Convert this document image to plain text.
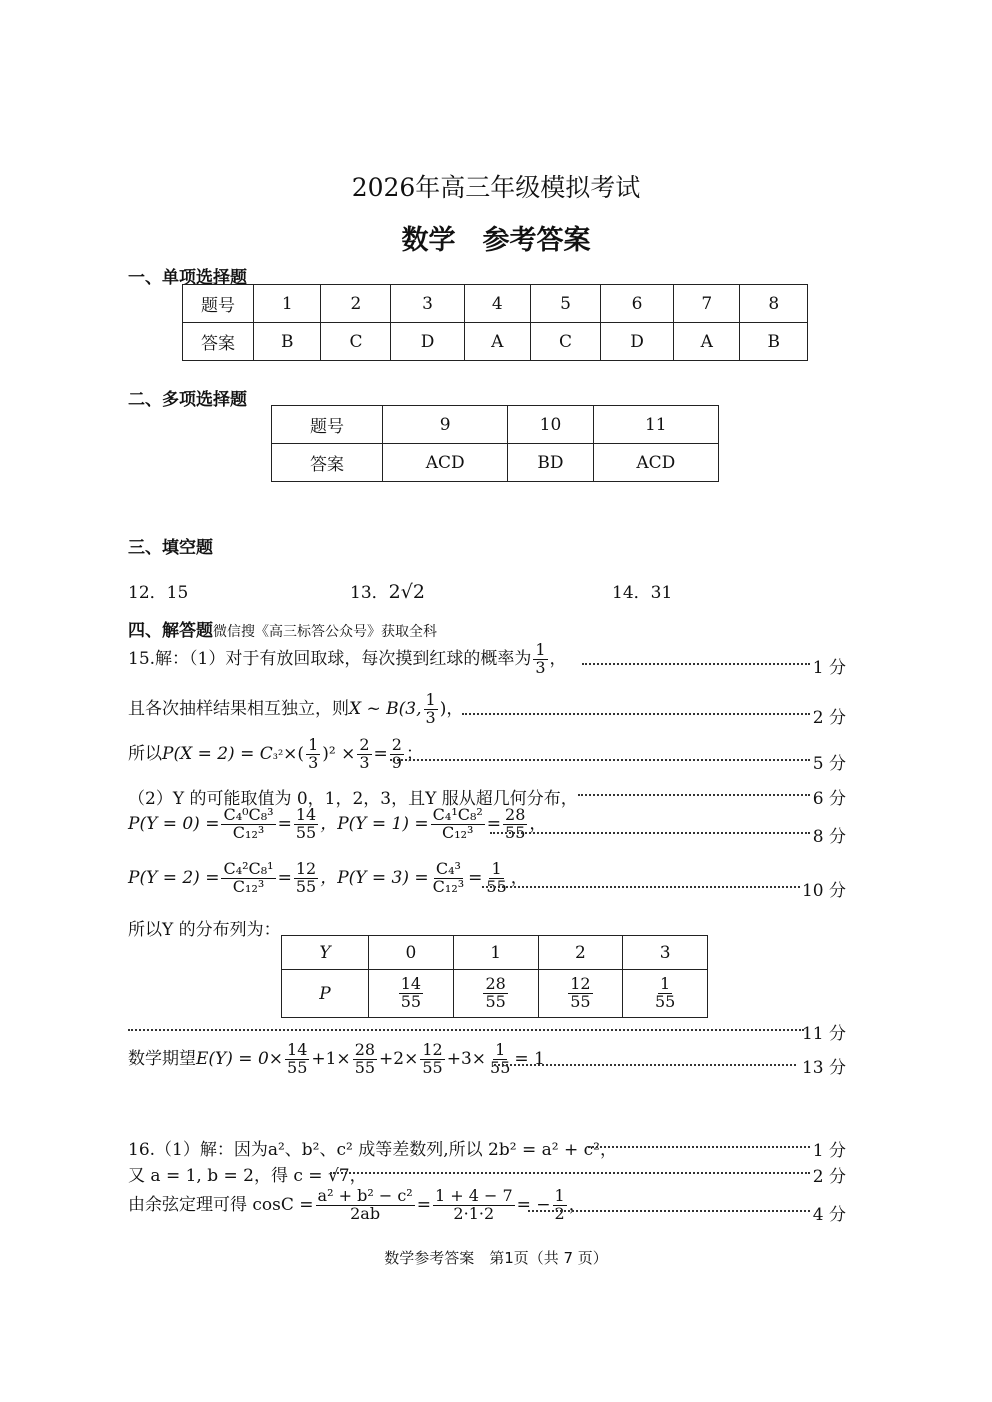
2026年高三年级模拟考试
数学　参考答案
一、单项选择题
题号	1	2	3	4	5	6	7	8
答案	B	C	D	A	C	D	A	B
二、多项选择题
题号	9	10	11
答案	ACD	BD	ACD
三、填空题
12．15	13．2√2	14．31
四、解答题微信搜《高三标答公众号》获取全科
15.解：（1）对于有放回取球，每次摸到红球的概率为 $\frac{1}{3}$ ，	1 分
且各次抽样结果相互独立，则X ~ B(3, $\frac{1}{3}$ )，	2 分
所以$P(X = 2) = C_3^2\times( \frac{1}{3} )^2 \times \frac{2}{3} = \frac{2}{9}$ ；
5 分
（2）Y 的可能取值为 0，1，2，3，且Y 服从超几何分布，	6 分
$P(Y = 0) = \frac{\text{C₄⁰C₈³}}{\text{C₁₂³}} = \frac{14}{55}$ ，$P(Y = 1) = \frac{\text{C₄¹C₈²}}{\text{C₁₂³}} = \frac{28}{55}$ ，
8 分
$P(Y = 2) = \frac{\text{C₄²C₈¹}}{\text{C₁₂³}} = \frac{12}{55}$ ，$P(Y = 3) = \frac{\text{C₄³}}{\text{C₁₂³}} = \frac{1}{55}$ ，
10 分
所以Y 的分布列为：
Y	0	1	2	3
P	$\frac{14}{55}$	$\frac{28}{55}$	$\frac{12}{55}$	$\frac{1}{55}$
11 分
数学期望$E(Y) = 0\times \frac{14}{55} +1\times \frac{28}{55} +2\times \frac{12}{55} +3\times \frac{1}{55} = 1$	13 分
16.（1）解：因为a²、b²、c² 成等差数列,所以 2b² = a² + c²，	1 分
又 a = 1, b = 2，得 c = √7，	2 分
由余弦定理可得 $\cos C = \frac{\text{a² + b² − c²}}{2ab} = \frac{1 + 4 - 7}{2\cdot 1\cdot 2}$ = − $\frac{1}{2}$ ，
4 分
数学参考答案　第1页（共 7 页）
